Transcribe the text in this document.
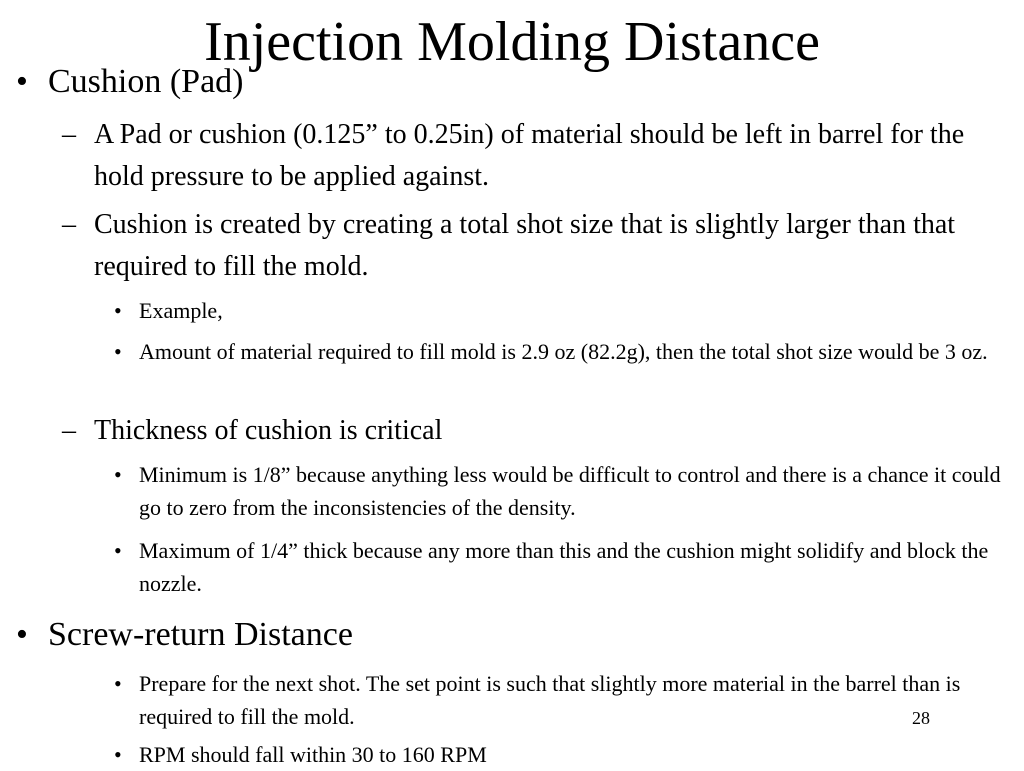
Injection Molding Distance
• Cushion (Pad)
– A Pad or cushion (0.125” to 0.25in) of material should be left in barrel for the hold pressure to be applied against.
– Cushion is created by creating a total shot size that is slightly larger than that required to fill the mold.
• Example,
• Amount of material required to fill mold is 2.9 oz (82.2g), then the total shot size would be 3 oz.
– Thickness of cushion is critical
• Minimum is 1/8” because anything less would be difficult to control and there is a chance it could go to zero from the inconsistencies of the density.
• Maximum of 1/4” thick because any more than this and the cushion might solidify and block the nozzle.
• Screw-return Distance
• Prepare for the next shot. The set point is such that slightly more material in the barrel than is required to fill the mold.
• RPM should fall within 30 to 160 RPM
28
